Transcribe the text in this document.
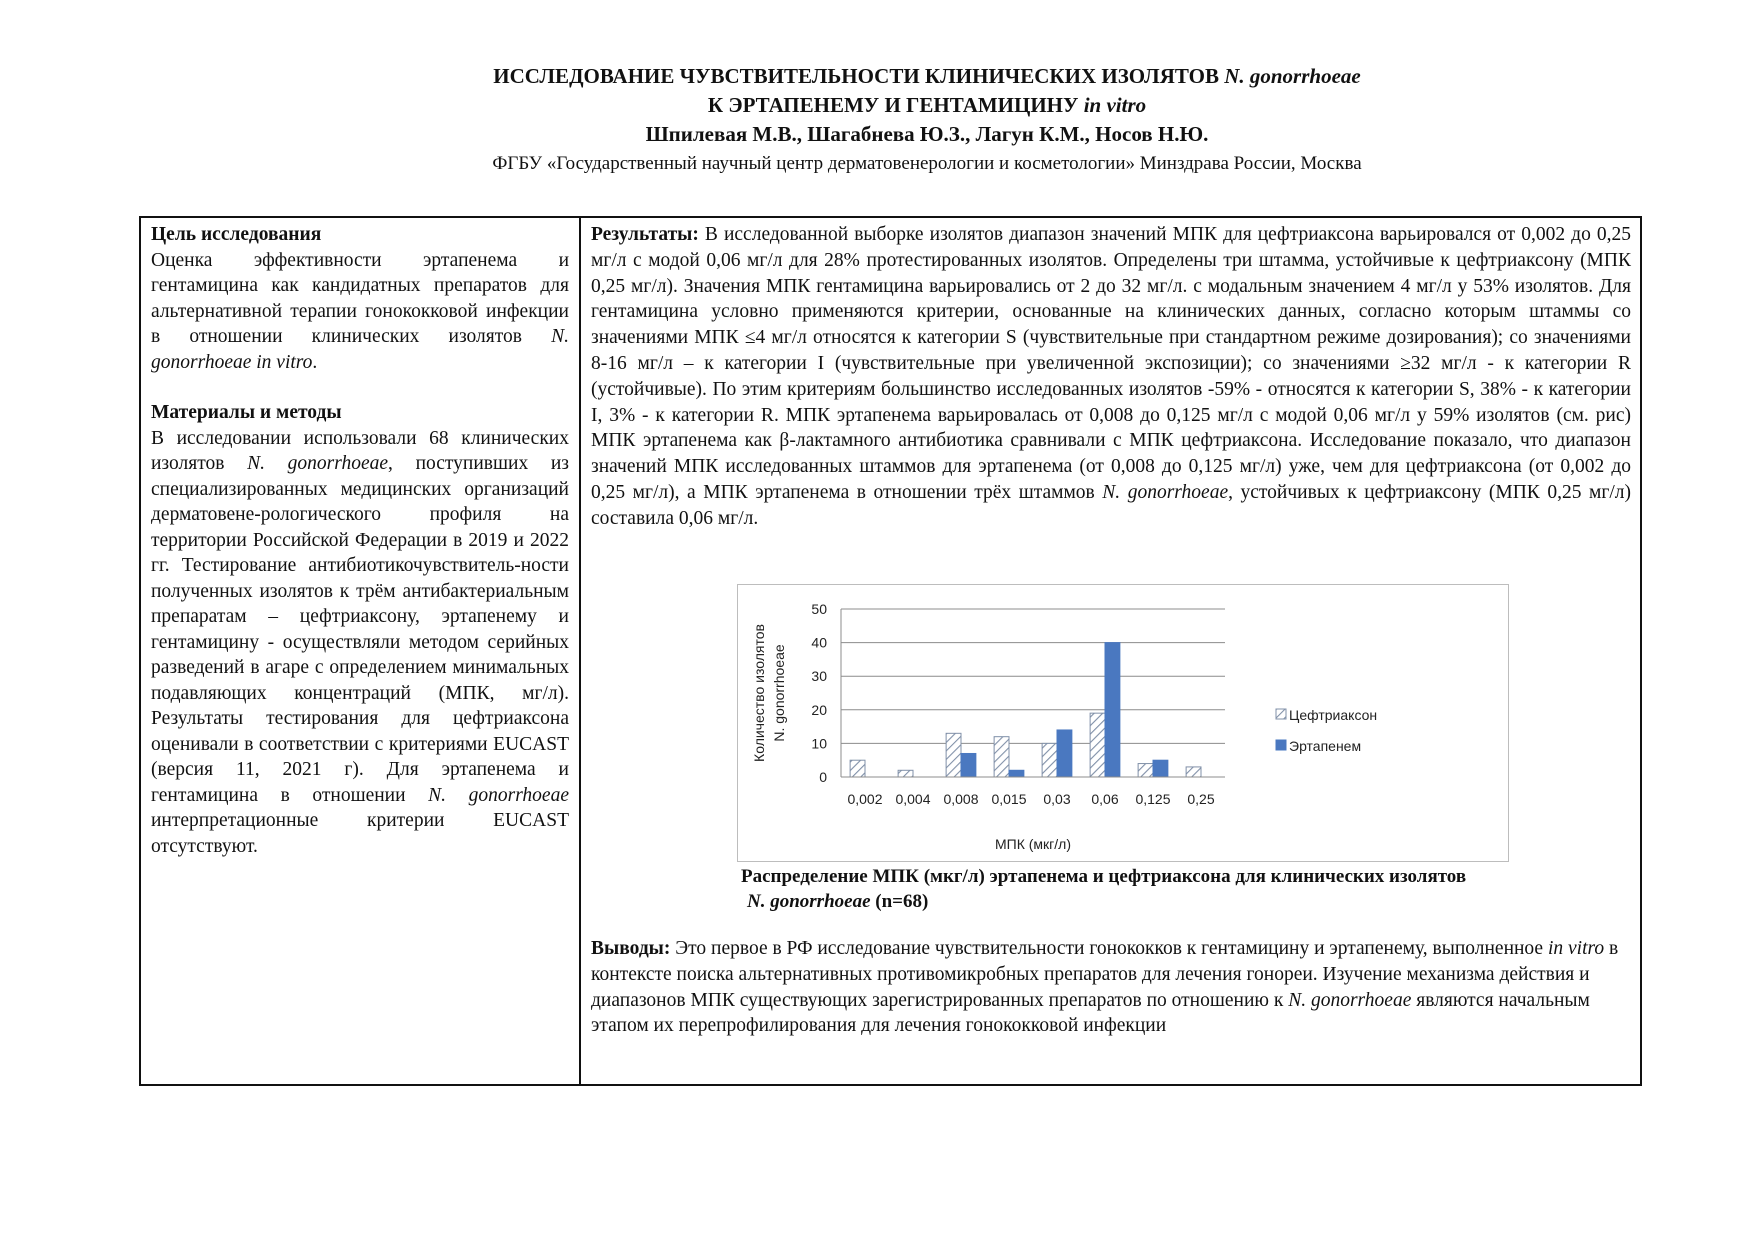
ИССЛЕДОВАНИЕ ЧУВСТВИТЕЛЬНОСТИ КЛИНИЧЕСКИХ ИЗОЛЯТОВ N. gonorrhoeae
К ЭРТАПЕНЕМУ И ГЕНТАМИЦИНУ in vitro
Шпилевая М.В., Шагабнева Ю.З., Лагун К.М., Носов Н.Ю.
ФГБУ «Государственный научный центр дерматовенерологии и косметологии» Минздрава России, Москва
Цель исследования
Оценка эффективности эртапенема и гентамицина как кандидатных препаратов для альтернативной терапии гонококковой инфекции в отношении клинических изолятов N. gonorrhoeae in vitro.
Материалы и методы
В исследовании использовали 68 клинических изолятов N. gonorrhoeae, поступивших из специализированных медицинских организаций дерматовене-рологического профиля на территории Российской Федерации в 2019 и 2022 гг. Тестирование антибиотикочувствитель-ности полученных изолятов к трём антибактериальным препаратам – цефтриаксону, эртапенему и гентамицину - осуществляли методом серийных разведений в агаре с определением минимальных подавляющих концентраций (МПК, мг/л). Результаты тестирования для цефтриаксона оценивали в соответствии с критериями EUCAST (версия 11, 2021 г). Для эртапенема и гентамицина в отношении N. gonorrhoeae интерпретационные критерии EUCAST отсутствуют.
Результаты: В исследованной выборке изолятов диапазон значений МПК для цефтриаксона варьировался от 0,002 до 0,25 мг/л с модой 0,06 мг/л для 28% протестированных изолятов. Определены три штамма, устойчивые к цефтриаксону (МПК 0,25 мг/л). Значения МПК гентамицина варьировались от 2 до 32 мг/л. с модальным значением 4 мг/л у 53% изолятов. Для гентамицина условно применяются критерии, основанные на клинических данных, согласно которым штаммы со значениями МПК ≤4 мг/л относятся к категории S (чувствительные при стандартном режиме дозирования); со значениями 8-16 мг/л – к категории I (чувствительные при увеличенной экспозиции); со значениями ≥32 мг/л - к категории R (устойчивые). По этим критериям большинство исследованных изолятов -59% - относятся к категории S, 38% - к категории I, 3% - к категории R. МПК эртапенема варьировалась от 0,008 до 0,125 мг/л с модой 0,06 мг/л у 59% изолятов (см. рис) МПК эртапенема как β-лактамного антибиотика сравнивали с МПК цефтриаксона. Исследование показало, что диапазон значений МПК исследованных штаммов для эртапенема (от 0,008 до 0,125 мг/л) уже, чем для цефтриаксона (от 0,002 до 0,25 мг/л), а МПК эртапенема в отношении трёх штаммов N. gonorrhoeae, устойчивых к цефтриаксону (МПК 0,25 мг/л) составила 0,06 мг/л.
0
10
20
30
40
50
0,002 0,004 0,008 0,015 0,03 0,06 0,125 0,25
Количество изолятов N. gonorrhoeae
МПК (мкг/л)
Цефтриаксон
Эртапенем
Распределение МПК (мкг/л) эртапенема и цефтриаксона для клинических изолятов
N. gonorrhoeae (n=68)
Выводы: Это первое в РФ исследование чувствительности гонококков к гентамицину и эртапенему, выполненное in vitro в контексте поиска альтернативных противомикробных препаратов для лечения гонореи. Изучение механизма действия и диапазонов МПК существующих зарегистрированных препаратов по отношению к N. gonorrhoeae являются начальным этапом их перепрофилирования для лечения гонококковой инфекции
